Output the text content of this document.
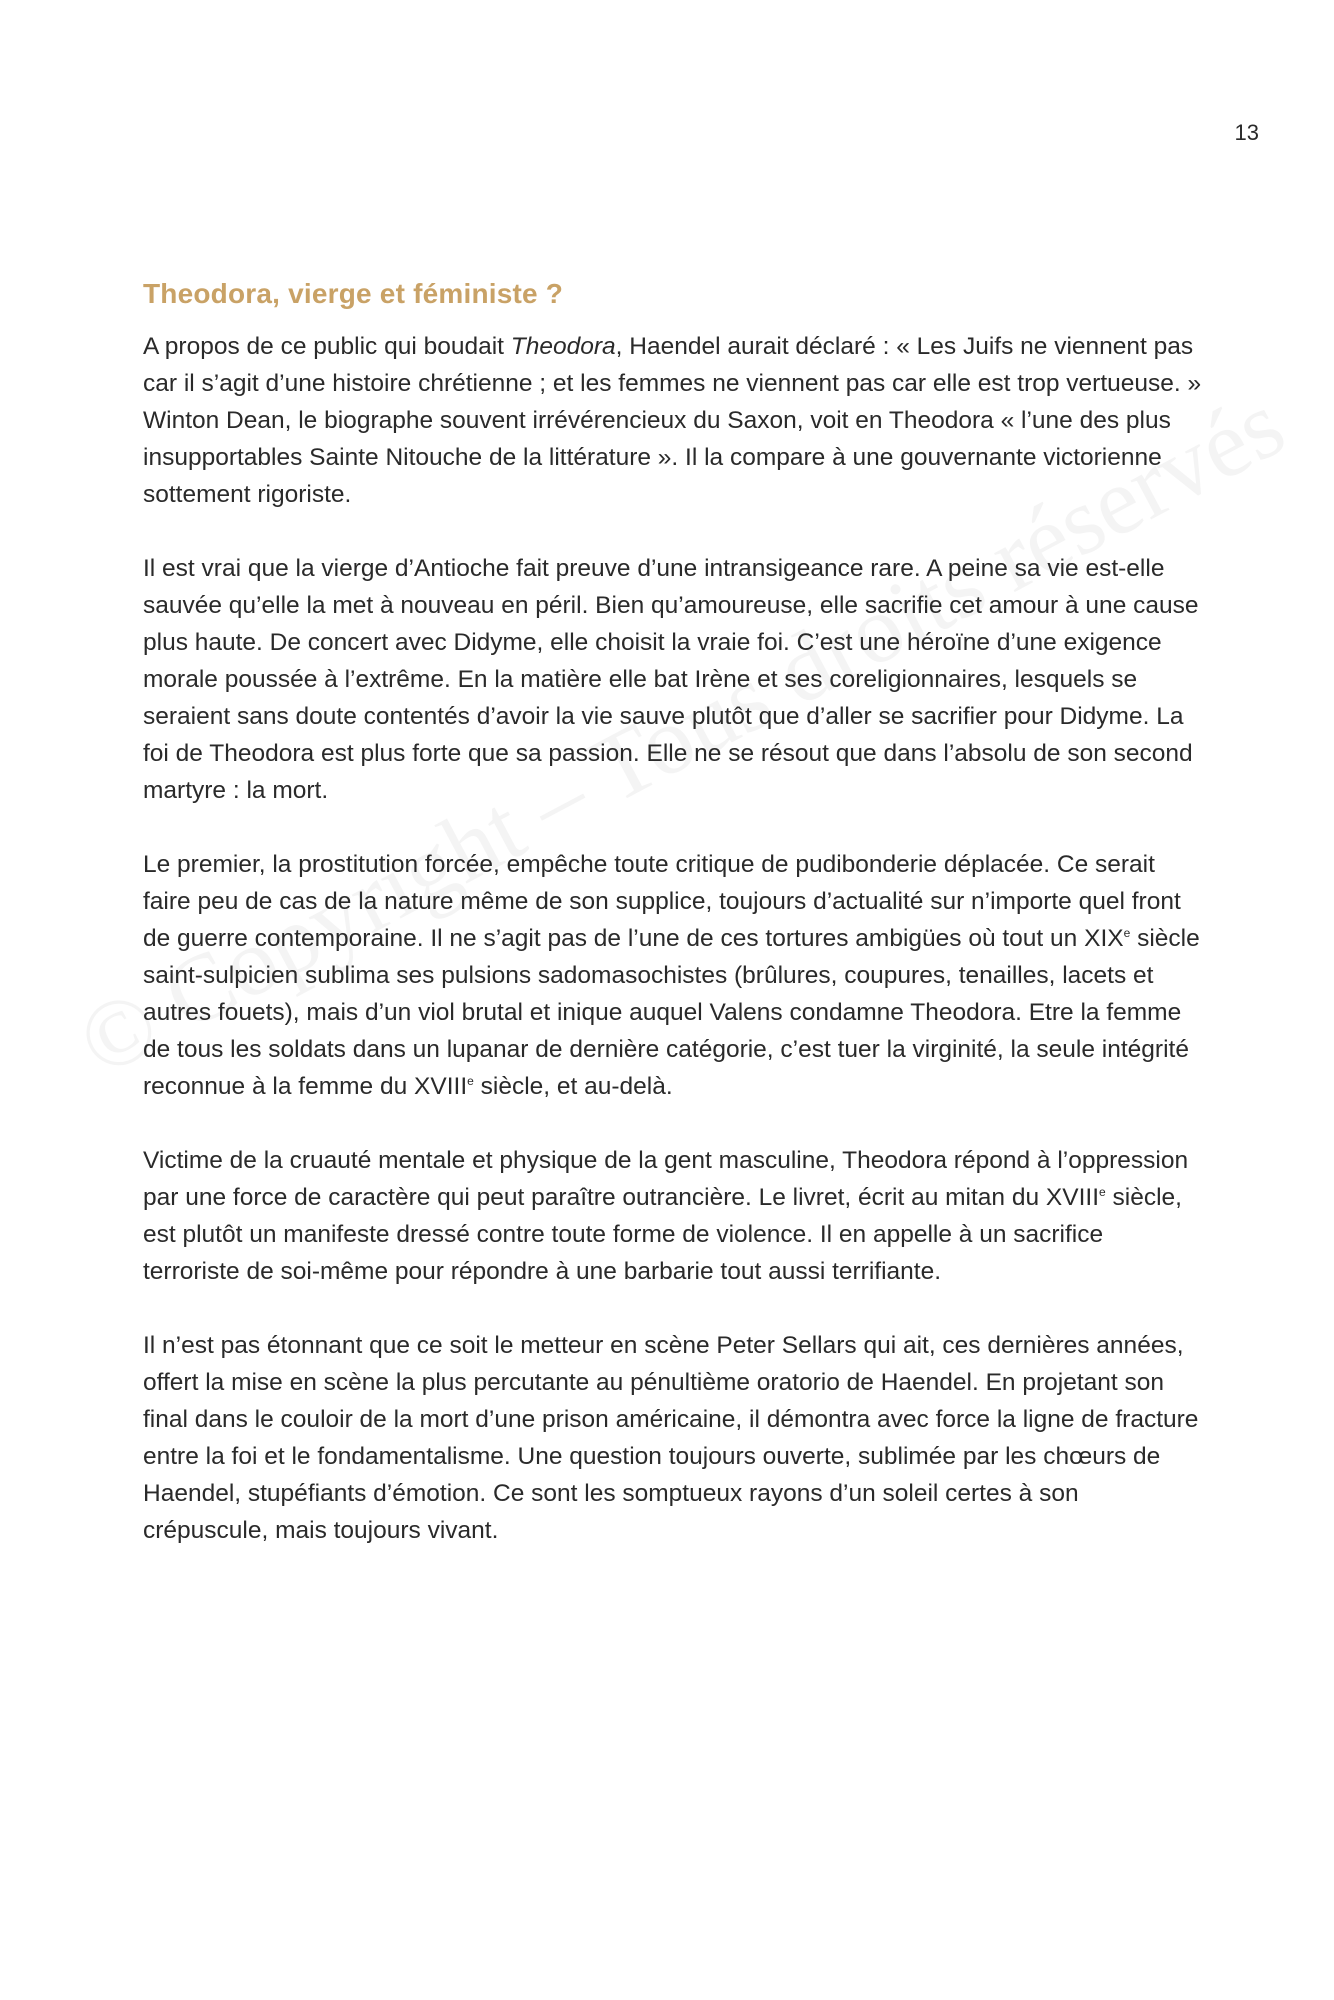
13
Theodora, vierge et féministe ?

A propos de ce public qui boudait Theodora, Haendel aurait déclaré : « Les Juifs ne viennent pas car il s’agit d’une histoire chrétienne ; et les femmes ne viennent pas car elle est trop vertueuse. » Winton Dean, le biographe souvent irrévérencieux du Saxon, voit en Theodora « l’une des plus insupportables Sainte Nitouche de la littérature ». Il la compare à une gouvernante victorienne sottement rigoriste.

Il est vrai que la vierge d’Antioche fait preuve d’une intransigeance rare. A peine sa vie est-elle sauvée qu’elle la met à nouveau en péril. Bien qu’amoureuse, elle sacrifie cet amour à une cause plus haute. De concert avec Didyme, elle choisit la vraie foi. C’est une héroïne d’une exigence morale poussée à l’extrême. En la matière elle bat Irène et ses coreligionnaires, lesquels se seraient sans doute contentés d’avoir la vie sauve plutôt que d’aller se sacrifier pour Didyme. La foi de Theodora est plus forte que sa passion. Elle ne se résout que dans l’absolu de son second martyre : la mort.

Le premier, la prostitution forcée, empêche toute critique de pudibonderie déplacée. Ce serait faire peu de cas de la nature même de son supplice, toujours d’actualité sur n’importe quel front de guerre contemporaine. Il ne s’agit pas de l’une de ces tortures ambigües où tout un XIXe siècle saint-sulpicien sublima ses pulsions sadomasochistes (brûlures, coupures, tenailles, lacets et autres fouets), mais d’un viol brutal et inique auquel Valens condamne Theodora. Etre la femme de tous les soldats dans un lupanar de dernière catégorie, c’est tuer la virginité, la seule intégrité reconnue à la femme du XVIIIe siècle, et au-delà.

Victime de la cruauté mentale et physique de la gent masculine, Theodora répond à l’oppression par une force de caractère qui peut paraître outrancière. Le livret, écrit au mitan du XVIIIe siècle, est plutôt un manifeste dressé contre toute forme de violence. Il en appelle à un sacrifice terroriste de soi-même pour répondre à une barbarie tout aussi terrifiante.

Il n’est pas étonnant que ce soit le metteur en scène Peter Sellars qui ait, ces dernières années, offert la mise en scène la plus percutante au pénultième oratorio de Haendel. En projetant son final dans le couloir de la mort d’une prison américaine, il démontra avec force la ligne de fracture entre la foi et le fondamentalisme. Une question toujours ouverte, sublimée par les chœurs de Haendel, stupéfiants d’émotion. Ce sont les somptueux rayons d’un soleil certes à son crépuscule, mais toujours vivant.
